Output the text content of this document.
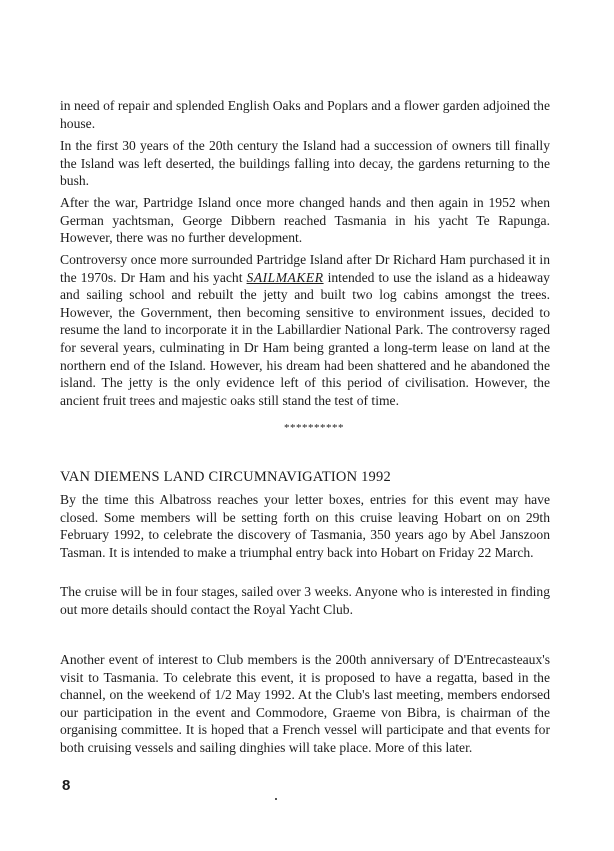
in need of repair and splended English Oaks and Poplars and a flower garden adjoined the house.

In the first 30 years of the 20th century the Island had a succession of owners till finally the Island was left deserted, the buildings falling into decay, the gardens returning to the bush.

After the war, Partridge Island once more changed hands and then again in 1952 when German yachtsman, George Dibbern reached Tasmania in his yacht Te Rapunga. However, there was no further development.

Controversy once more surrounded Partridge Island after Dr Richard Ham purchased it in the 1970s. Dr Ham and his yacht SAILMAKER intended to use the island as a hideaway and sailing school and rebuilt the jetty and built two log cabins amongst the trees. However, the Government, then becoming sensitive to environment issues, decided to resume the land to incorporate it in the Labillardier National Park. The controversy raged for several years, culminating in Dr Ham being granted a long-term lease on land at the northern end of the Island. However, his dream had been shattered and he abandoned the island. The jetty is the only evidence left of this period of civilisation. However, the ancient fruit trees and majestic oaks still stand the test of time.

**********
VAN DIEMENS LAND CIRCUMNAVIGATION 1992

By the time this Albatross reaches your letter boxes, entries for this event may have closed. Some members will be setting forth on this cruise leaving Hobart on on 29th February 1992, to celebrate the discovery of Tasmania, 350 years ago by Abel Janszoon Tasman. It is intended to make a triumphal entry back into Hobart on Friday 22 March.

The cruise will be in four stages, sailed over 3 weeks. Anyone who is interested in finding out more details should contact the Royal Yacht Club.

Another event of interest to Club members is the 200th anniversary of D'Entrecasteaux's visit to Tasmania. To celebrate this event, it is proposed to have a regatta, based in the channel, on the weekend of 1/2 May 1992. At the Club's last meeting, members endorsed our participation in the event and Commodore, Graeme von Bibra, is chairman of the organising committee. It is hoped that a French vessel will participate and that events for both cruising vessels and sailing dinghies will take place. More of this later.

8
